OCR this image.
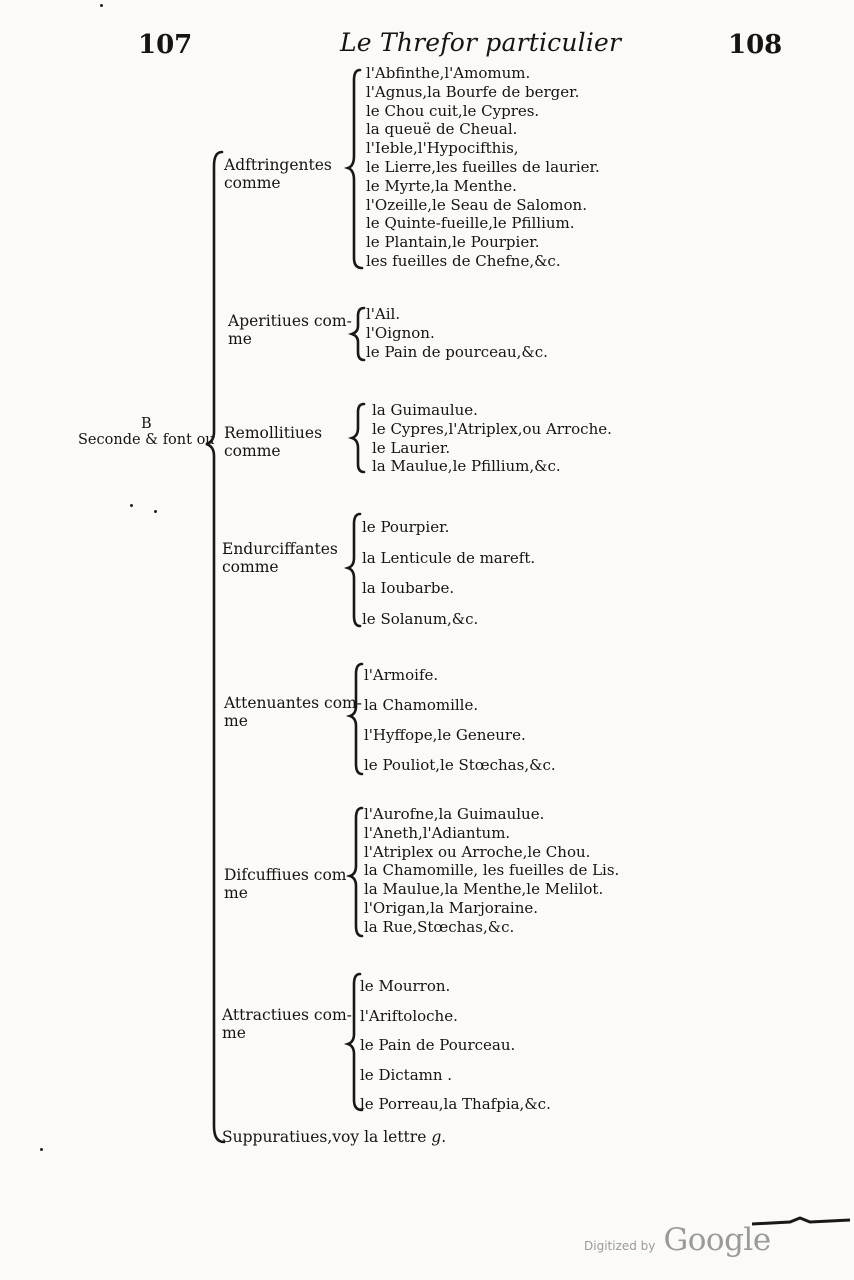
107	Le Threfor particulier	108
B
Seconde & font ou
Adftringentes
comme
l'Abfinthe,l'Amomum.
l'Agnus,la Bourfe de berger.
le Chou cuit,le Cypres.
la queuë de Cheual.
l'Ieble,l'Hypocifthis,
le Lierre,les fueilles de laurier.
le Myrte,la Menthe.
l'Ozeille,le Seau de Salomon.
le Quinte-fueille,le Pfillium.
le Plantain,le Pourpier.
les fueilles de Chefne,&c.
Aperitiues com-
me
l'Ail.
l'Oignon.
le Pain de pourceau,&c.
Remollitiues
comme
la Guimaulue.
le Cypres,l'Atriplex,ou Arroche.
le Laurier.
la Maulue,le Pfillium,&c.
Endurciffantes
comme
le Pourpier.
la Lenticule de mareft.
la Ioubarbe.
le Solanum,&c.
Attenuantes com-
me
l'Armoife.
la Chamomille.
l'Hyffope,le Geneure.
le Pouliot,le Stœchas,&c.
Difcuffiues com-
me
l'Aurofne,la Guimaulue.
l'Aneth,l'Adiantum.
l'Atriplex ou Arroche,le Chou.
la Chamomille, les fueilles de Lis.
la Maulue,la Menthe,le Melilot.
l'Origan,la Marjoraine.
la Rue,Stœchas,&c.
Attractiues com-
me
le Mourron.
l'Ariftoloche.
le Pain de Pourceau.
le Dictamn .
le Porreau,la Thafpia,&c.
Suppuratiues,voy la lettre g.
Digitized by Google
